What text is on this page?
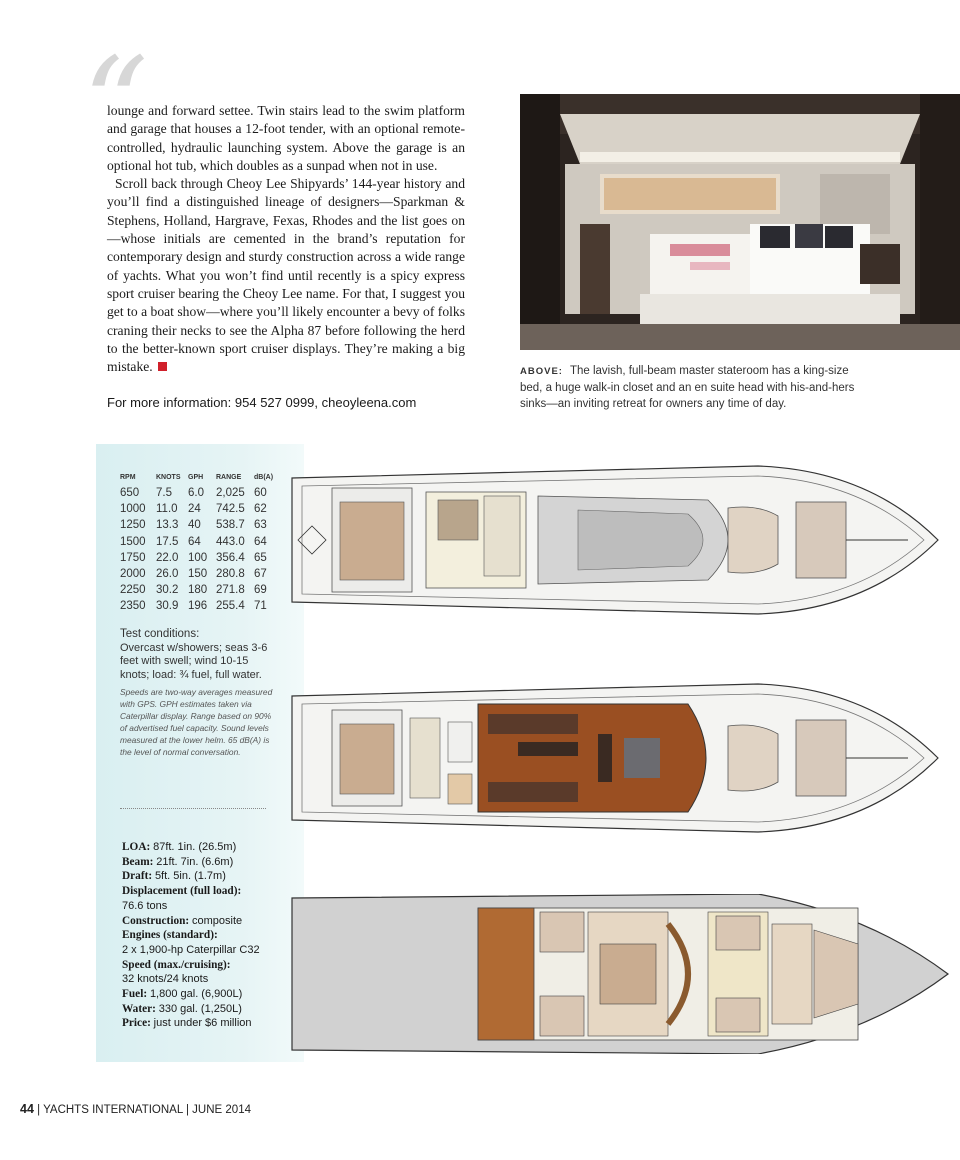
“

lounge and forward settee. Twin stairs lead to the swim platform and garage that houses a 12-foot tender, with an optional remote-controlled, hydraulic launching system. Above the garage is an optional hot tub, which doubles as a sunpad when not in use.

Scroll back through Cheoy Lee Shipyards’ 144-year history and you’ll find a distinguished lineage of designers—Sparkman & Stephens, Holland, Hargrave, Fexas, Rhodes and the list goes on—whose initials are cemented in the brand’s reputation for contemporary design and sturdy construction across a wide range of yachts. What you won’t find until recently is a spicy express sport cruiser bearing the Cheoy Lee name. For that, I suggest you get to a boat show—where you’ll likely encounter a bevy of folks craning their necks to see the Alpha 87 before following the herd to the better-known sport cruiser displays. They’re making a big mistake.

For more information: 954 527 0999, cheoyleena.com
ABOVE: The lavish, full-beam master stateroom has a king-size bed, a huge walk-in closet and an en suite head with his-and-hers sinks—an inviting retreat for owners any time of day.
RPM	KNOTS	GPH	RANGE	dB(A)
650	7.5	6.0	2,025	60
1000	11.0	24	742.5	62
1250	13.3	40	538.7	63
1500	17.5	64	443.0	64
1750	22.0	100	356.4	65
2000	26.0	150	280.8	67
2250	30.2	180	271.8	69
2350	30.9	196	255.4	71
Test conditions:
Overcast w/showers; seas 3-6 feet with swell; wind 10-15 knots; load: ¾ fuel, full water.
Speeds are two-way averages measured with GPS. GPH estimates taken via Caterpillar display. Range based on 90% of advertised fuel capacity. Sound levels measured at the lower helm. 65 dB(A) is the level of normal conversation.
LOA: 87ft. 1in. (26.5m)
Beam: 21ft. 7in. (6.6m)
Draft: 5ft. 5in. (1.7m)
Displacement (full load):
76.6 tons
Construction: composite
Engines (standard):
2 x 1,900-hp Caterpillar C32
Speed (max./cruising):
32 knots/24 knots
Fuel: 1,800 gal. (6,900L)
Water: 330 gal. (1,250L)
Price: just under $6 million
44 | YACHTS INTERNATIONAL | JUNE 2014
